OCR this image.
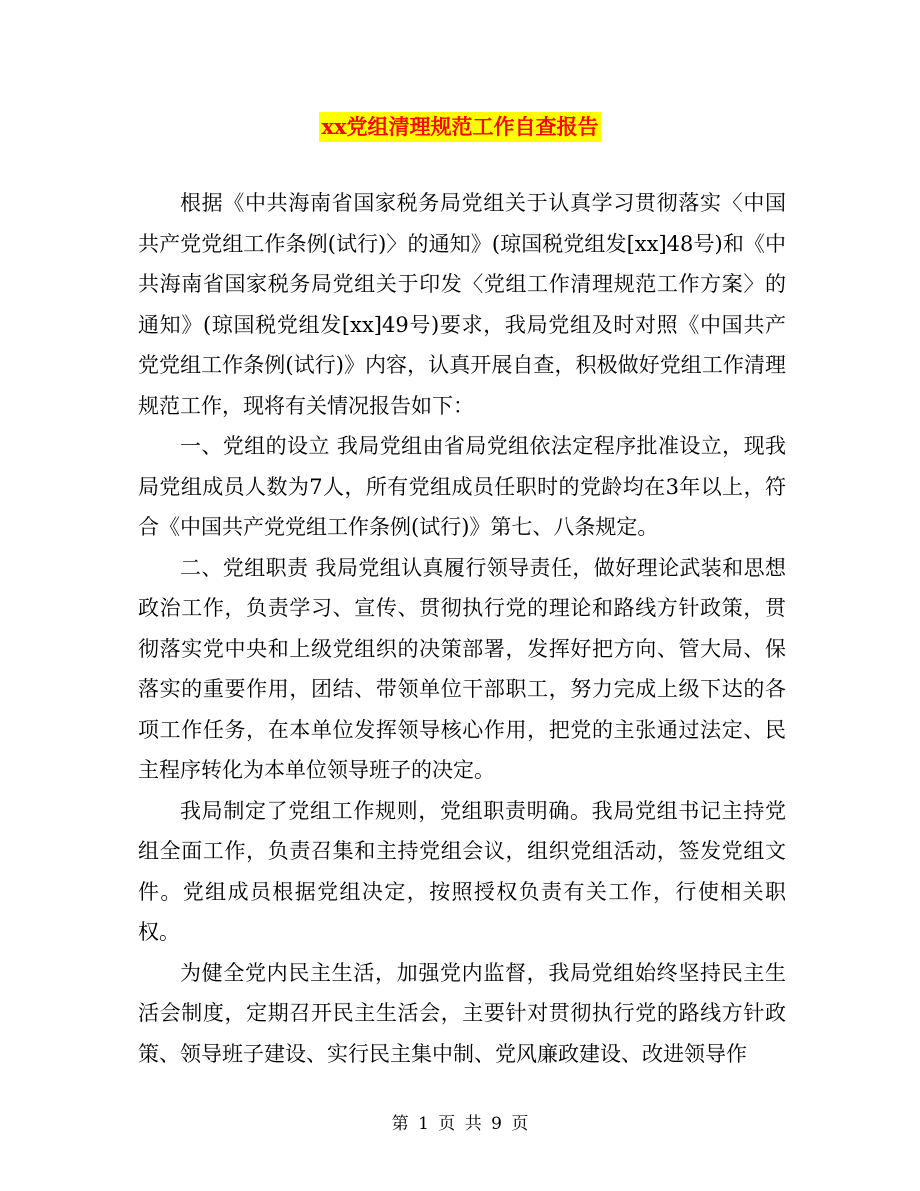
xx党组清理规范工作自查报告

根据《中共海南省国家税务局党组关于认真学习贯彻落实〈中国共产党党组工作条例(试行)〉的通知》(琼国税党组发[xx]48号)和《中共海南省国家税务局党组关于印发〈党组工作清理规范工作方案〉的通知》(琼国税党组发[xx]49号)要求，我局党组及时对照《中国共产党党组工作条例(试行)》内容，认真开展自查，积极做好党组工作清理规范工作，现将有关情况报告如下：

一、党组的设立 我局党组由省局党组依法定程序批准设立，现我局党组成员人数为7人，所有党组成员任职时的党龄均在3年以上，符合《中国共产党党组工作条例(试行)》第七、八条规定。

二、党组职责 我局党组认真履行领导责任，做好理论武装和思想政治工作，负责学习、宣传、贯彻执行党的理论和路线方针政策，贯彻落实党中央和上级党组织的决策部署，发挥好把方向、管大局、保落实的重要作用，团结、带领单位干部职工，努力完成上级下达的各项工作任务，在本单位发挥领导核心作用，把党的主张通过法定、民主程序转化为本单位领导班子的决定。

我局制定了党组工作规则，党组职责明确。我局党组书记主持党组全面工作，负责召集和主持党组会议，组织党组活动，签发党组文件。党组成员根据党组决定，按照授权负责有关工作，行使相关职权。

为健全党内民主生活，加强党内监督，我局党组始终坚持民主生活会制度，定期召开民主生活会，主要针对贯彻执行党的路线方针政策、领导班子建设、实行民主集中制、党风廉政建设、改进领导作

第 1 页 共 9 页
